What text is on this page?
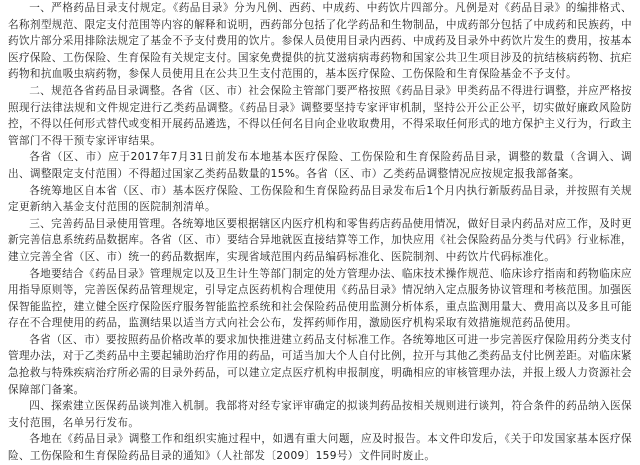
一、严格药品目录支付规定。《药品目录》分为凡例、西药、中成药、中药饮片四部分。凡例是对《药品目录》的编排格式、名称剂型规范、限定支付范围等内容的解释和说明，西药部分包括了化学药品和生物制品，中成药部分包括了中成药和民族药，中药饮片部分采用排除法规定了基金不予支付费用的饮片。参保人员使用目录内西药、中成药及目录外中药饮片发生的费用，按基本医疗保险、工伤保险、生育保险有关规定支付。国家免费提供的抗艾滋病病毒药物和国家公共卫生项目涉及的抗结核病药物、抗疟药物和抗血吸虫病药物，参保人员使用且在公共卫生支付范围的，基本医疗保险、工伤保险和生育保险基金不予支付。

二、规范各省药品目录调整。各省（区、市）社会保险主管部门要严格按照《药品目录》甲类药品不得进行调整，并应严格按照现行法律法规和文件规定进行乙类药品调整。《药品目录》调整要坚持专家评审机制，坚持公开公正公平，切实做好廉政风险防控，不得以任何形式替代或变相开展药品遴选，不得以任何名目向企业收取费用，不得采取任何形式的地方保护主义行为，行政主管部门不得干预专家评审结果。

各省（区、市）应于2017年7月31日前发布本地基本医疗保险、工伤保险和生育保险药品目录，调整的数量（含调入、调出、调整限定支付范围）不得超过国家乙类药品数量的15%。各省（区、市）乙类药品调整情况应按规定报我部备案。

各统筹地区自本省（区、市）基本医疗保险、工伤保险和生育保险药品目录发布后1个月内执行新版药品目录，并按照有关规定更新纳入基金支付范围的医院制剂清单。

三、完善药品目录使用管理。各统筹地区要根据辖区内医疗机构和零售药店药品使用情况，做好目录内药品对应工作，及时更新完善信息系统药品数据库。各省（区、市）要结合异地就医直接结算等工作，加快应用《社会保险药品分类与代码》行业标准，建立完善全省（区、市）统一的药品数据库，实现省域范围内药品编码标准化、医院制剂、中药饮片代码标准化。

各地要结合《药品目录》管理规定以及卫生计生等部门制定的处方管理办法、临床技术操作规范、临床诊疗指南和药物临床应用指导原则等，完善医保药品管理规定，引导定点医药机构合理使用《药品目录》情况纳入定点服务协议管理和考核范围。加强医保智能监控，建立健全医疗保险医疗服务智能监控系统和社会保险药品使用监测分析体系，重点监测用量大、费用高以及多且可能存在不合理使用的药品，监测结果以适当方式向社会公布，发挥药师作用，激励医疗机构采取有效措施规范药品使用。

各省（区、市）要按照药品价格改革的要求加快推进建立药品支付标准工作。各统筹地区可进一步完善医疗保险用药分类支付管理办法，对于乙类药品中主要起辅助治疗作用的药品，可适当加大个人自付比例，拉开与其他乙类药品支付比例差距。对临床紧急抢救与特殊疾病治疗所必需的目录外药品，可以建立定点医疗机构申报制度，明确相应的审核管理办法，并报上级人力资源社会保障部门备案。

四、探索建立医保药品谈判准入机制。我部将对经专家评审确定的拟谈判药品按相关规则进行谈判，符合条件的药品纳入医保支付范围，名单另行发布。

各地在《药品目录》调整工作和组织实施过程中，如遇有重大问题，应及时报告。本文件印发后，《关于印发国家基本医疗保险、工伤保险和生育保险药品目录的通知》（人社部发〔2009〕159号）文件同时废止。
